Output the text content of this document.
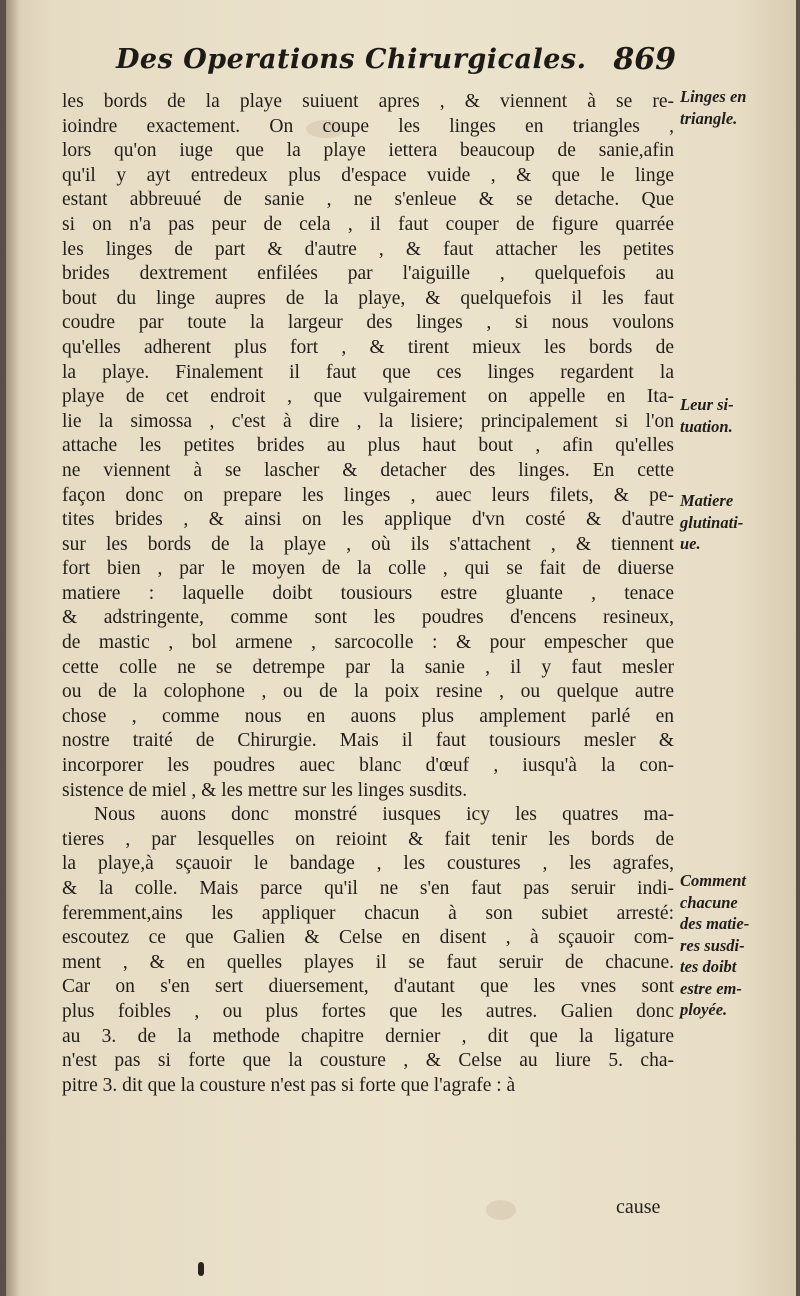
Des Operations Chirurgicales. 869
les bords de la playe suiuent apres , & viennent à se re-
ioindre exactement. On coupe les linges en triangles ,
lors qu'on iuge que la playe iettera beaucoup de sanie,afin
qu'il y ayt entredeux plus d'espace vuide , & que le linge
estant abbreuué de sanie , ne s'enleue & se detache. Que
si on n'a pas peur de cela , il faut couper de figure quarrée
les linges de part & d'autre , & faut attacher les petites
brides dextrement enfilées par l'aiguille , quelquefois au
bout du linge aupres de la playe, & quelquefois il les faut
coudre par toute la largeur des linges , si nous voulons
qu'elles adherent plus fort , & tirent mieux les bords de
la playe. Finalement il faut que ces linges regardent la
playe de cet endroit , que vulgairement on appelle en Ita-
lie la simossa , c'est à dire , la lisiere; principalement si l'on
attache les petites brides au plus haut bout , afin qu'elles
ne viennent à se lascher & detacher des linges. En cette
façon donc on prepare les linges , auec leurs filets, & pe-
tites brides , & ainsi on les applique d'vn costé & d'autre
sur les bords de la playe , où ils s'attachent , & tiennent
fort bien , par le moyen de la colle , qui se fait de diuerse
matiere : laquelle doibt tousiours estre gluante , tenace
& adstringente, comme sont les poudres d'encens resineux,
de mastic , bol armene , sarcocolle : & pour empescher que
cette colle ne se detrempe par la sanie , il y faut mesler
ou de la colophone , ou de la poix resine , ou quelque autre
chose , comme nous en auons plus amplement parlé en
nostre traité de Chirurgie. Mais il faut tousiours mesler &
incorporer les poudres auec blanc d'œuf , iusqu'à la con-
sistence de miel , & les mettre sur les linges susdits.
Nous auons donc monstré iusques icy les quatres ma-
tieres , par lesquelles on reioint & fait tenir les bords de
la playe,à sçauoir le bandage , les coustures , les agrafes,
& la colle. Mais parce qu'il ne s'en faut pas seruir indi-
feremment,ains les appliquer chacun à son subiet arresté:
escoutez ce que Galien & Celse en disent , à sçauoir com-
ment , & en quelles playes il se faut seruir de chacune.
Car on s'en sert diuersement, d'autant que les vnes sont
plus foibles , ou plus fortes que les autres. Galien donc
au 3. de la methode chapitre dernier , dit que la ligature
n'est pas si forte que la cousture , & Celse au liure 5. cha-
pitre 3. dit que la cousture n'est pas si forte que l'agrafe : à
Linges en
triangle.
Leur si-
tuation.
Matiere
glutinati-
ue.
Comment
chacune
des matie-
res susdi-
tes doibt
estre em-
ployée.
cause
